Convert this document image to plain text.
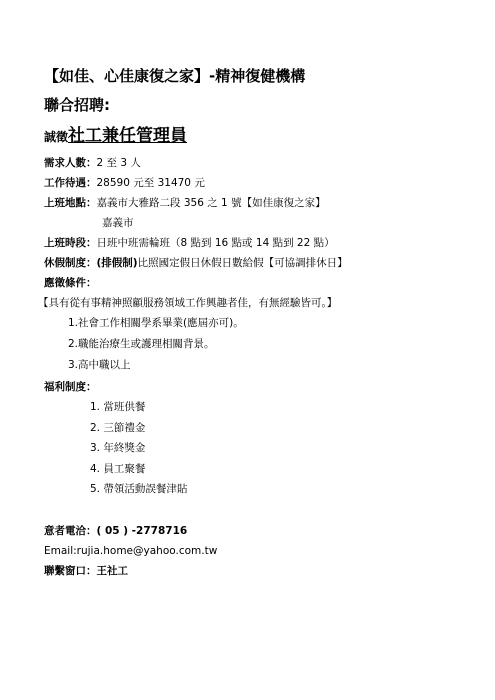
【如佳、心佳康復之家】-精神復健機構
聯合招聘:
誠徵社工兼任管理員
需求人數： 2 至 3 人
工作待遇： 28590 元至 31470 元
上班地點： 嘉義市大雅路二段 356 之 1 號【如佳康復之家】
嘉義市
上班時段： 日班中班需輪班（8 點到 16 點或 14 點到 22 點）
休假制度： (排假制) 比照國定假日休假日數給假【可協調排休日】
應徵條件：
【具有從有事精神照顧服務領域工作興趣者佳，有無經驗皆可。】
1.社會工作相關學系畢業(應屆亦可)。
2.職能治療生或護理相關背景。
3.高中職以上
福利制度：
1. 當班供餐
2. 三節禮金
3. 年終獎金
4. 員工聚餐
5. 帶領活動誤餐津貼
意者電洽：( 05 ) -2778716
Email:rujia.home@yahoo.com.tw
聯繫窗口：王社工
